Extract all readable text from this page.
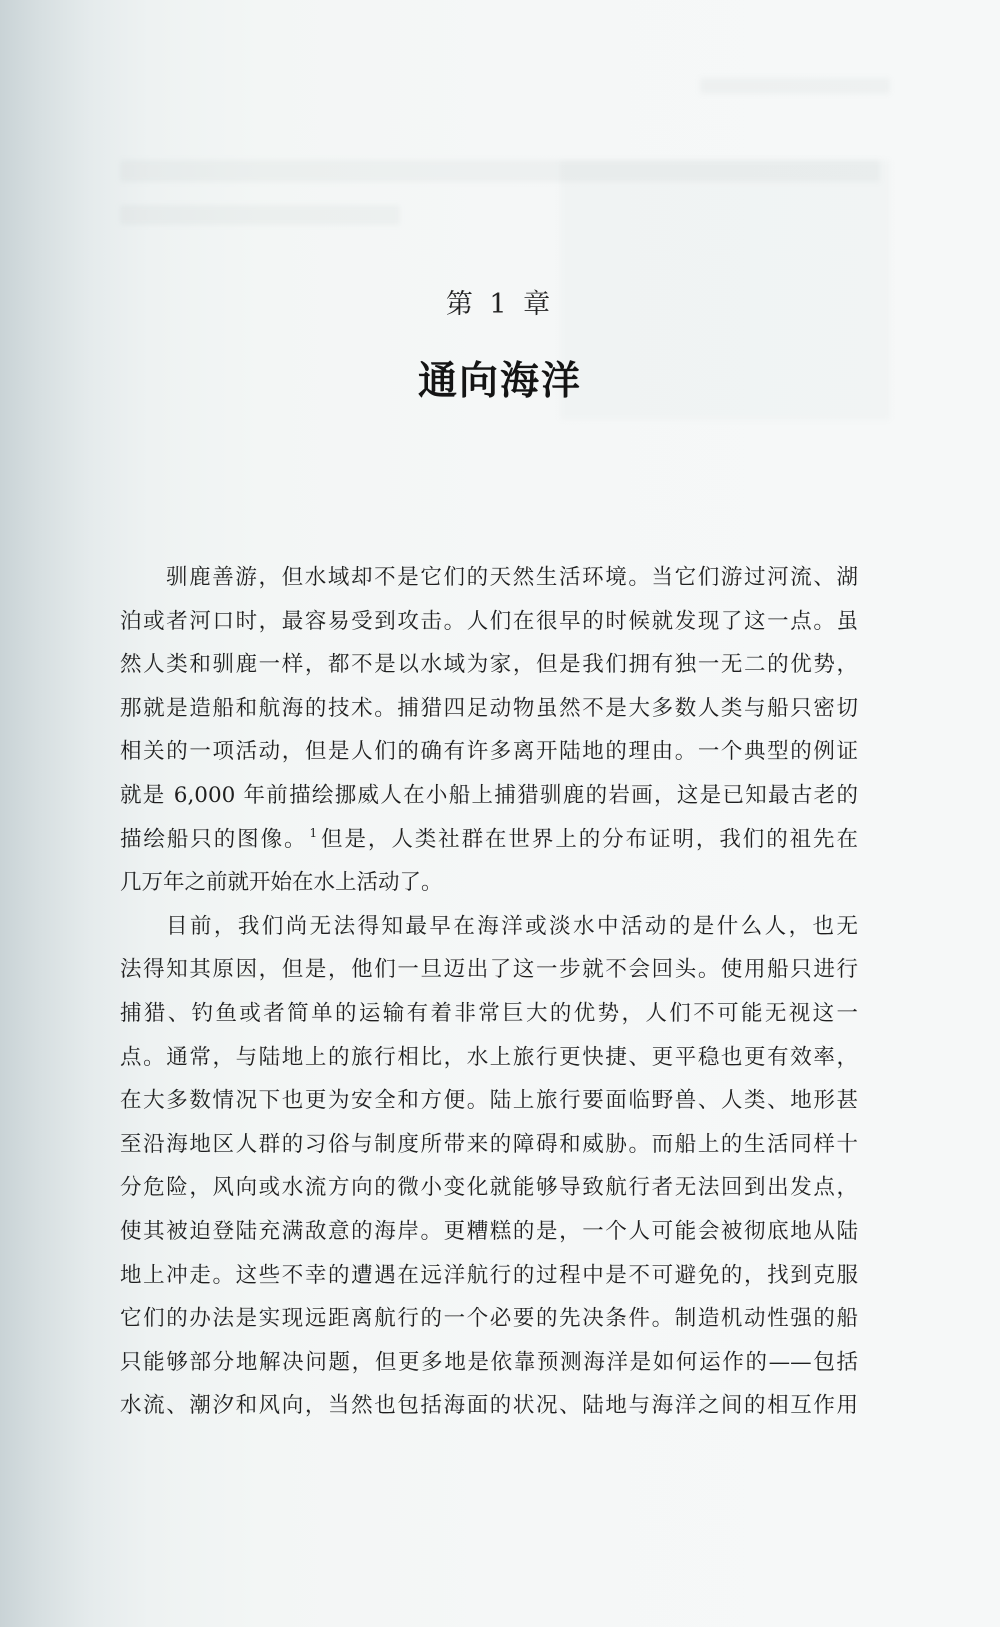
第 1 章
通向海洋
驯鹿善游，但水域却不是它们的天然生活环境。当它们游过河流、湖
泊或者河口时，最容易受到攻击。人们在很早的时候就发现了这一点。虽
然人类和驯鹿一样，都不是以水域为家，但是我们拥有独一无二的优势，
那就是造船和航海的技术。捕猎四足动物虽然不是大多数人类与船只密切
相关的一项活动，但是人们的确有许多离开陆地的理由。一个典型的例证
就是 6,000 年前描绘挪威人在小船上捕猎驯鹿的岩画，这是已知最古老的
描绘船只的图像。 $^1$但是，人类社群在世界上的分布证明，我们的祖先在
几万年之前就开始在水上活动了。
目前，我们尚无法得知最早在海洋或淡水中活动的是什么人，也无
法得知其原因，但是，他们一旦迈出了这一步就不会回头。使用船只进行
捕猎、钓鱼或者简单的运输有着非常巨大的优势，人们不可能无视这一
点。通常，与陆地上的旅行相比，水上旅行更快捷、更平稳也更有效率，
在大多数情况下也更为安全和方便。陆上旅行要面临野兽、人类、地形甚
至沿海地区人群的习俗与制度所带来的障碍和威胁。而船上的生活同样十
分危险，风向或水流方向的微小变化就能够导致航行者无法回到出发点，
使其被迫登陆充满敌意的海岸。更糟糕的是，一个人可能会被彻底地从陆
地上冲走。这些不幸的遭遇在远洋航行的过程中是不可避免的，找到克服
它们的办法是实现远距离航行的一个必要的先决条件。制造机动性强的船
只能够部分地解决问题，但更多地是依靠预测海洋是如何运作的——包括
水流、潮汐和风向，当然也包括海面的状况、陆地与海洋之间的相互作用
